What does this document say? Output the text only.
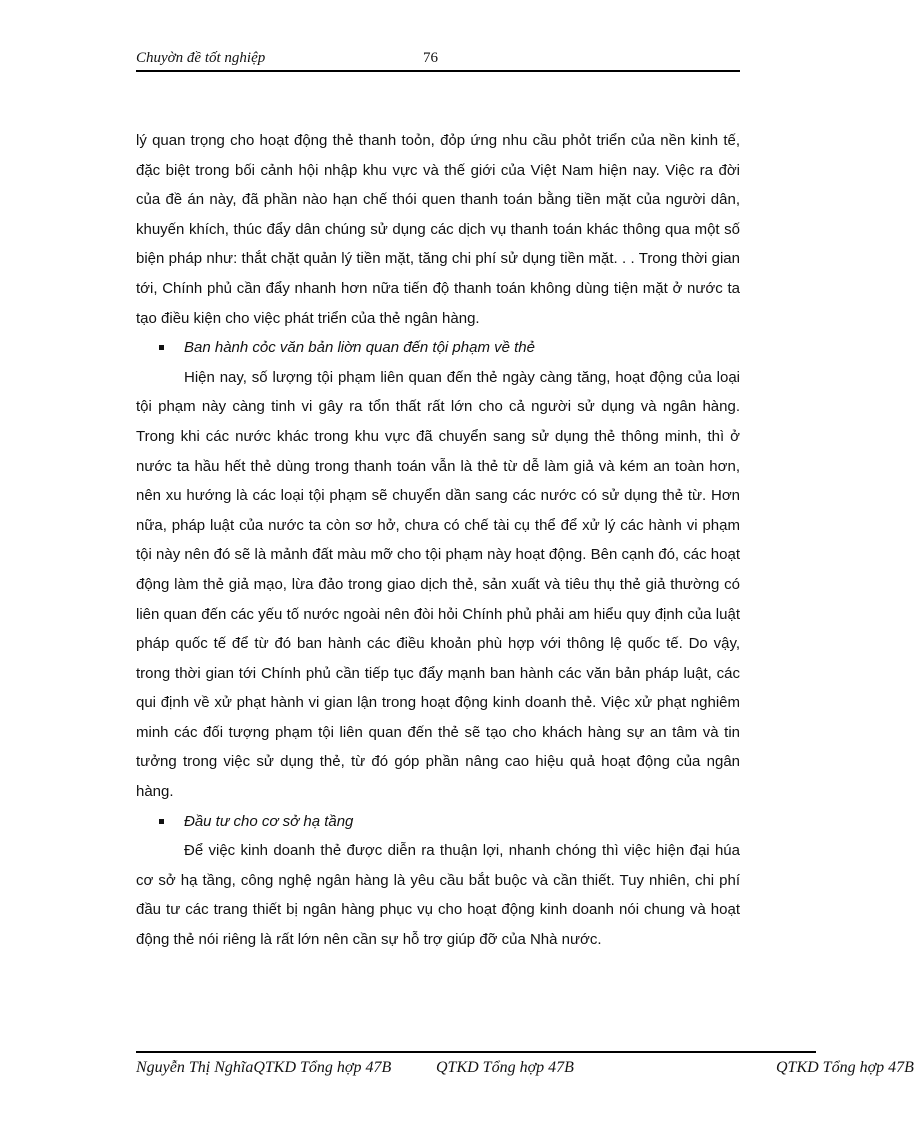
Chuyờn đề tốt nghiệp	76

lý quan trọng cho hoạt động thẻ thanh toỏn, đỏp ứng nhu cầu phỏt triển của nền kinh tế, đặc biệt trong bối cảnh hội nhập khu vực và thế giới của Việt Nam hiện nay. Việc ra đời của đề án này, đã phần nào hạn chế thói quen thanh toán bằng tiền mặt của người dân, khuyến khích, thúc đẩy dân chúng sử dụng các dịch vụ thanh toán khác thông qua một số biện pháp như: thắt chặt quản lý tiền mặt, tăng chi phí sử dụng tiền mặt. . . Trong thời gian tới, Chính phủ cần đẩy nhanh hơn nữa tiến độ thanh toán không dùng tiện mặt ở nước ta tạo điều kiện cho việc phát triển của thẻ ngân hàng.

Ban hành cỏc văn bản liờn quan đến tội phạm về thẻ

Hiện nay, số lượng tội phạm liên quan đến thẻ ngày càng tăng, hoạt động của loại tội phạm này càng tinh vi gây ra tổn thất rất lớn cho cả người sử dụng và ngân hàng. Trong khi các nước khác trong khu vực đã chuyển sang sử dụng thẻ thông minh, thì ở nước ta hầu hết thẻ dùng trong thanh toán vẫn là thẻ từ dễ làm giả và kém an toàn hơn, nên xu hướng là các loại tội phạm sẽ chuyển dần sang các nước có sử dụng thẻ từ. Hơn nữa, pháp luật của nước ta còn sơ hở, chưa có chế tài cụ thể để xử lý các hành vi phạm tội này nên đó sẽ là mảnh đất màu mỡ cho tội phạm này hoạt động. Bên cạnh đó, các hoạt động làm thẻ giả mạo, lừa đảo trong giao dịch thẻ, sản xuất và tiêu thụ thẻ giả thường có liên quan đến các yếu tố nước ngoài nên đòi hỏi Chính phủ phải am hiểu quy định của luật pháp quốc tế để từ đó ban hành các điều khoản phù hợp với thông lệ quốc tế. Do vậy, trong thời gian tới Chính phủ cần tiếp tục đẩy mạnh ban hành các văn bản pháp luật, các qui định về xử phạt hành vi gian lận trong hoạt động kinh doanh thẻ. Việc xử phạt nghiêm minh các đối tượng phạm tội liên quan đến thẻ sẽ tạo cho khách hàng sự an tâm và tin tưởng trong việc sử dụng thẻ, từ đó góp phần nâng cao hiệu quả hoạt động của ngân hàng.

Đầu tư cho cơ sở hạ tầng

Để việc kinh doanh thẻ được diễn ra thuận lợi, nhanh chóng thì việc hiện đại húa cơ sở hạ tầng, công nghệ ngân hàng là yêu cầu bắt buộc và cần thiết. Tuy nhiên, chi phí đầu tư các trang thiết bị ngân hàng phục vụ cho hoạt động kinh doanh nói chung và hoạt động thẻ nói riêng là rất lớn nên cần sự hỗ trợ giúp đỡ của Nhà nước.

Nguyễn Thị NghĩaQTKD Tổng hợp 47B	QTKD Tổng hợp 47B	QTKD Tổng hợp 47B
